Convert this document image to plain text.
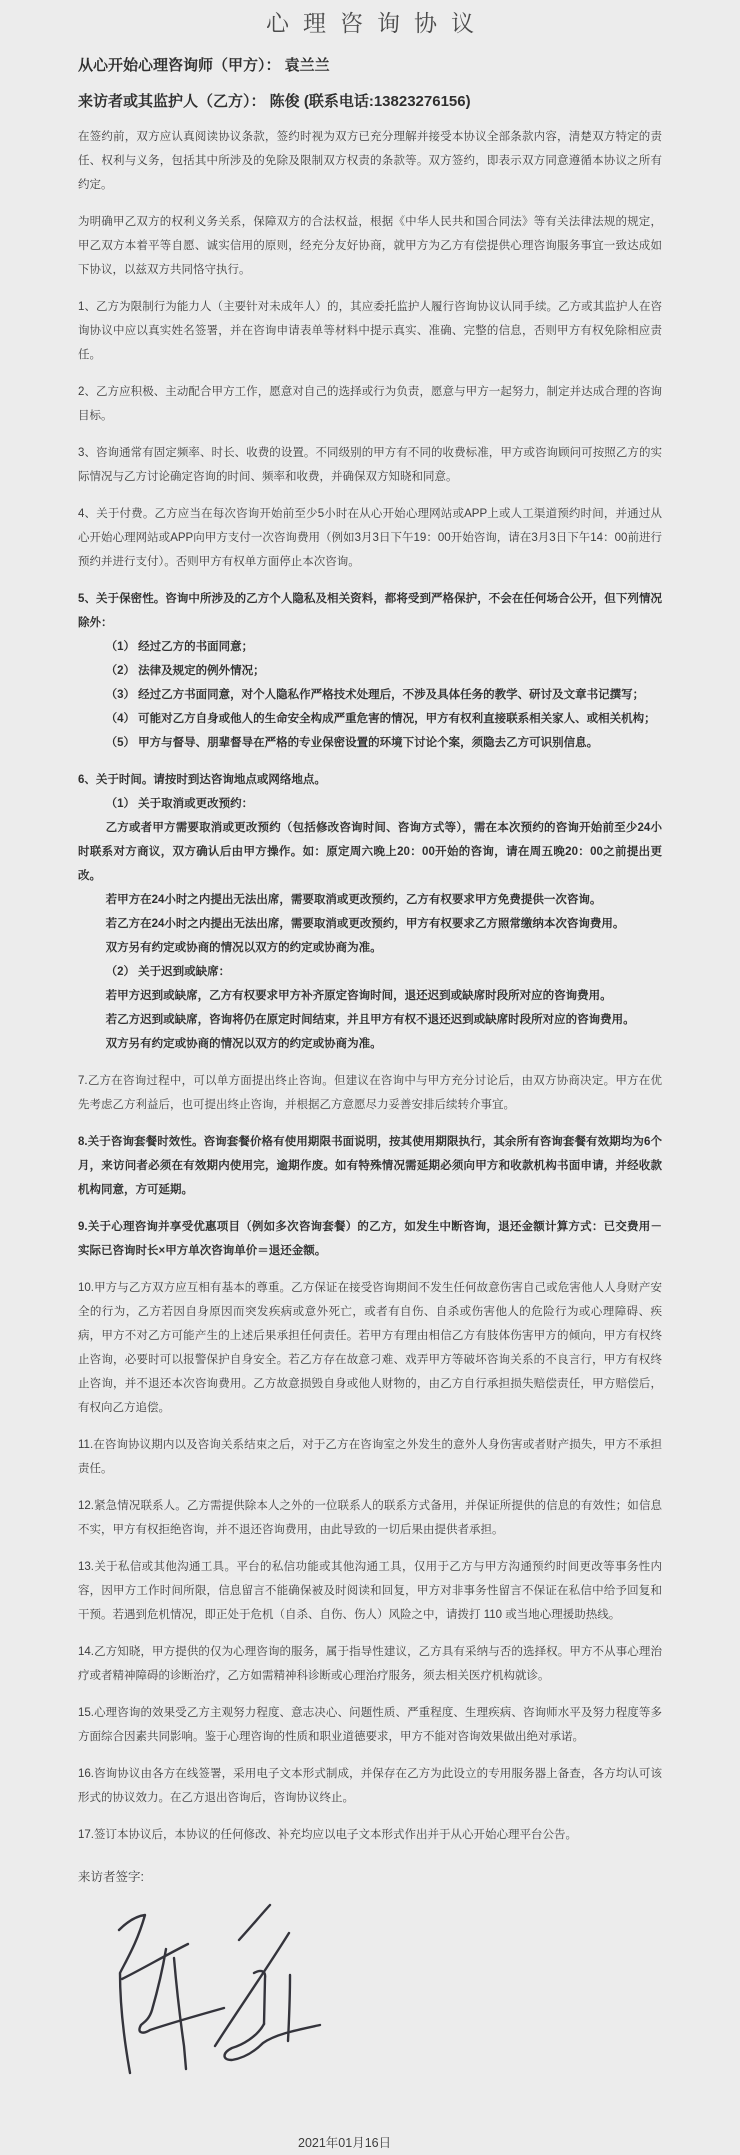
心理咨询协议

从心开始心理咨询师（甲方）： 袁兰兰

来访者或其监护人（乙方）： 陈俊 (联系电话:13823276156)

在签约前，双方应认真阅读协议条款，签约时视为双方已充分理解并接受本协议全部条款内容，清楚双方特定的责任、权利与义务，包括其中所涉及的免除及限制双方权责的条款等。双方签约，即表示双方同意遵循本协议之所有约定。

为明确甲乙双方的权利义务关系，保障双方的合法权益，根据《中华人民共和国合同法》等有关法律法规的规定，甲乙双方本着平等自愿、诚实信用的原则，经充分友好协商，就甲方为乙方有偿提供心理咨询服务事宜一致达成如下协议，以兹双方共同恪守执行。

1、乙方为限制行为能力人（主要针对未成年人）的，其应委托监护人履行咨询协议认同手续。乙方或其监护人在咨询协议中应以真实姓名签署，并在咨询申请表单等材料中提示真实、准确、完整的信息，否则甲方有权免除相应责任。

2、乙方应积极、主动配合甲方工作，愿意对自己的选择或行为负责，愿意与甲方一起努力，制定并达成合理的咨询目标。

3、咨询通常有固定频率、时长、收费的设置。不同级别的甲方有不同的收费标准，甲方或咨询顾问可按照乙方的实际情况与乙方讨论确定咨询的时间、频率和收费，并确保双方知晓和同意。

4、关于付费。乙方应当在每次咨询开始前至少5小时在从心开始心理网站或APP上或人工渠道预约时间，并通过从心开始心理网站或APP向甲方支付一次咨询费用（例如3月3日下午19：00开始咨询，请在3月3日下午14：00前进行预约并进行支付）。否则甲方有权单方面停止本次咨询。

5、关于保密性。咨询中所涉及的乙方个人隐私及相关资料，都将受到严格保护，不会在任何场合公开，但下列情况除外：

（1） 经过乙方的书面同意；

（2） 法律及规定的例外情况；

（3） 经过乙方书面同意，对个人隐私作严格技术处理后，不涉及具体任务的教学、研讨及文章书记撰写；

（4） 可能对乙方自身或他人的生命安全构成严重危害的情况，甲方有权利直接联系相关家人、或相关机构；

（5） 甲方与督导、朋辈督导在严格的专业保密设置的环境下讨论个案，须隐去乙方可识别信息。

6、关于时间。请按时到达咨询地点或网络地点。

（1） 关于取消或更改预约：

乙方或者甲方需要取消或更改预约（包括修改咨询时间、咨询方式等），需在本次预约的咨询开始前至少24小时联系对方商议，双方确认后由甲方操作。如：原定周六晚上20：00开始的咨询，请在周五晚20：00之前提出更改。

若甲方在24小时之内提出无法出席，需要取消或更改预约，乙方有权要求甲方免费提供一次咨询。

若乙方在24小时之内提出无法出席，需要取消或更改预约，甲方有权要求乙方照常缴纳本次咨询费用。

双方另有约定或协商的情况以双方的约定或协商为准。

（2） 关于迟到或缺席：

若甲方迟到或缺席，乙方有权要求甲方补齐原定咨询时间，退还迟到或缺席时段所对应的咨询费用。

若乙方迟到或缺席，咨询将仍在原定时间结束，并且甲方有权不退还迟到或缺席时段所对应的咨询费用。

双方另有约定或协商的情况以双方的约定或协商为准。

7.乙方在咨询过程中，可以单方面提出终止咨询。但建议在咨询中与甲方充分讨论后，由双方协商决定。甲方在优先考虑乙方利益后，也可提出终止咨询，并根据乙方意愿尽力妥善安排后续转介事宜。

8.关于咨询套餐时效性。咨询套餐价格有使用期限书面说明，按其使用期限执行，其余所有咨询套餐有效期均为6个月，来访问者必须在有效期内使用完，逾期作废。如有特殊情况需延期必须向甲方和收款机构书面申请，并经收款机构同意，方可延期。

9.关于心理咨询并享受优惠项目（例如多次咨询套餐）的乙方，如发生中断咨询，退还金额计算方式：已交费用－实际已咨询时长×甲方单次咨询单价＝退还金额。

10.甲方与乙方双方应互相有基本的尊重。乙方保证在接受咨询期间不发生任何故意伤害自己或危害他人人身财产安全的行为，乙方若因自身原因而突发疾病或意外死亡，或者有自伤、自杀或伤害他人的危险行为或心理障碍、疾病，甲方不对乙方可能产生的上述后果承担任何责任。若甲方有理由相信乙方有肢体伤害甲方的倾向，甲方有权终止咨询，必要时可以报警保护自身安全。若乙方存在故意刁难、戏弄甲方等破坏咨询关系的不良言行，甲方有权终止咨询，并不退还本次咨询费用。乙方故意损毁自身或他人财物的，由乙方自行承担损失赔偿责任，甲方赔偿后，有权向乙方追偿。

11.在咨询协议期内以及咨询关系结束之后，对于乙方在咨询室之外发生的意外人身伤害或者财产损失，甲方不承担责任。

12.紧急情况联系人。乙方需提供除本人之外的一位联系人的联系方式备用，并保证所提供的信息的有效性；如信息不实，甲方有权拒绝咨询，并不退还咨询费用，由此导致的一切后果由提供者承担。

13.关于私信或其他沟通工具。平台的私信功能或其他沟通工具，仅用于乙方与甲方沟通预约时间更改等事务性内容，因甲方工作时间所限，信息留言不能确保被及时阅读和回复，甲方对非事务性留言不保证在私信中给予回复和干预。若遇到危机情况，即正处于危机（自杀、自伤、伤人）风险之中，请拨打 110 或当地心理援助热线。

14.乙方知晓，甲方提供的仅为心理咨询的服务，属于指导性建议，乙方具有采纳与否的选择权。甲方不从事心理治疗或者精神障碍的诊断治疗，乙方如需精神科诊断或心理治疗服务，须去相关医疗机构就诊。

15.心理咨询的效果受乙方主观努力程度、意志决心、问题性质、严重程度、生理疾病、咨询师水平及努力程度等多方面综合因素共同影响。鉴于心理咨询的性质和职业道德要求，甲方不能对咨询效果做出绝对承诺。

16.咨询协议由各方在线签署，采用电子文本形式制成，并保存在乙方为此设立的专用服务器上备查，各方均认可该形式的协议效力。在乙方退出咨询后，咨询协议终止。

17.签订本协议后，本协议的任何修改、补充均应以电子文本形式作出并于从心开始心理平台公告。

来访者签字:

2021年01月16日
